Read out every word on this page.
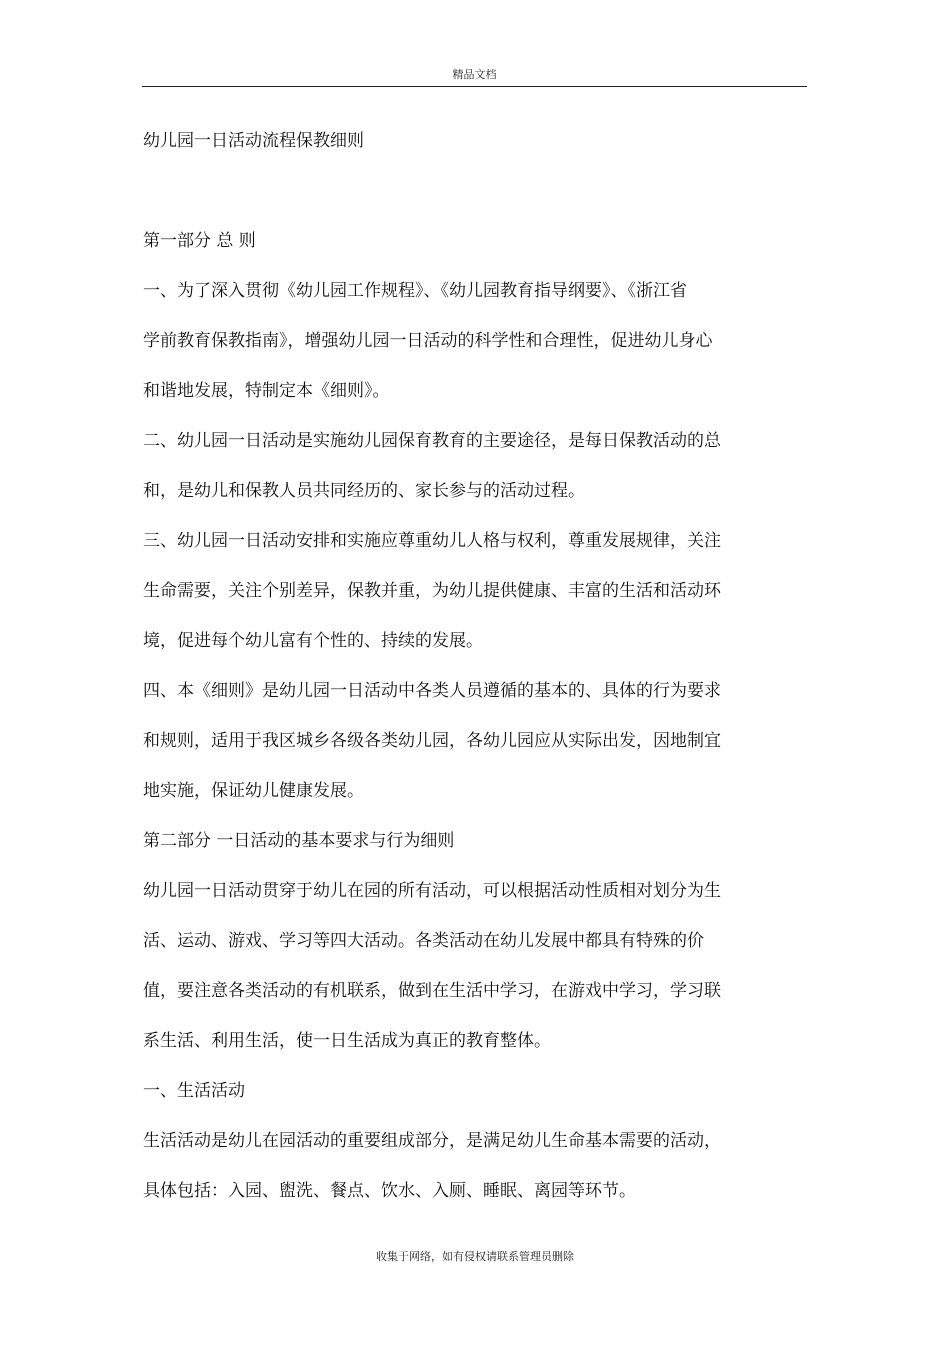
精品文档
幼儿园一日活动流程保教细则

第一部分 总 则

一、为了深入贯彻《幼儿园工作规程》、《幼儿园教育指导纲要》、《浙江省

学前教育保教指南》，增强幼儿园一日活动的科学性和合理性，促进幼儿身心

和谐地发展，特制定本《细则》。

二、幼儿园一日活动是实施幼儿园保育教育的主要途径，是每日保教活动的总

和，是幼儿和保教人员共同经历的、家长参与的活动过程。

三、幼儿园一日活动安排和实施应尊重幼儿人格与权利，尊重发展规律，关注

生命需要，关注个别差异，保教并重，为幼儿提供健康、丰富的生活和活动环

境，促进每个幼儿富有个性的、持续的发展。

四、本《细则》是幼儿园一日活动中各类人员遵循的基本的、具体的行为要求

和规则，适用于我区城乡各级各类幼儿园，各幼儿园应从实际出发，因地制宜

地实施，保证幼儿健康发展。

第二部分 一日活动的基本要求与行为细则

幼儿园一日活动贯穿于幼儿在园的所有活动，可以根据活动性质相对划分为生

活、运动、游戏、学习等四大活动。各类活动在幼儿发展中都具有特殊的价

值，要注意各类活动的有机联系，做到在生活中学习，在游戏中学习，学习联

系生活、利用生活，使一日生活成为真正的教育整体。

一、生活活动

生活活动是幼儿在园活动的重要组成部分，是满足幼儿生命基本需要的活动，

具体包括：入园、盥洗、餐点、饮水、入厕、睡眠、离园等环节。

收集于网络，如有侵权请联系管理员删除
